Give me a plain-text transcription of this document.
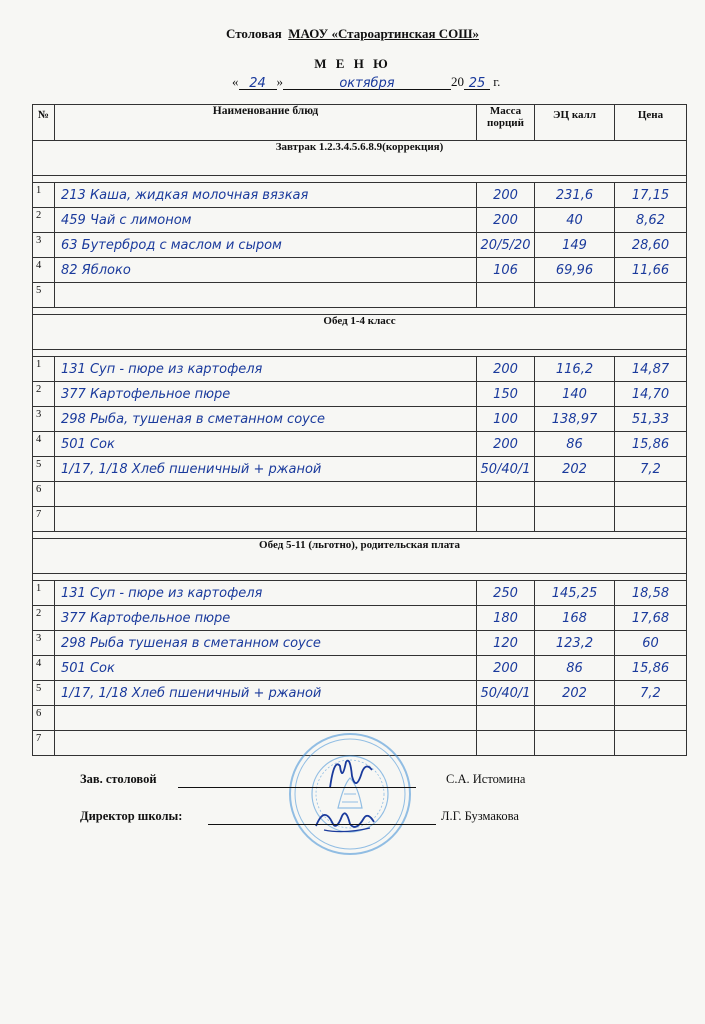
Столовая МАОУ «Староартинская СОШ»
М Е Н Ю
« 24 »	октября	20 25 г.
№	Наименование блюд	Масса порций	ЭЦ калл	Цена
Завтрак 1.2.3.4.5.6.8.9(коррекция)				

1	213 Каша, жидкая молочная вязкая	200	231,6	17,15
2	459 Чай с лимоном	200	40	8,62
3	63 Бутерброд с маслом и сыром	20/5/20	149	28,60
4	82 Яблоко	106	69,96	11,66
5				

Обед 1-4 класс				

1	131 Суп - пюре из картофеля	200	116,2	14,87
2	377 Картофельное пюре	150	140	14,70
3	298 Рыба, тушеная в сметанном соусе	100	138,97	51,33
4	501 Сок	200	86	15,86
5	1/17, 1/18 Хлеб пшеничный + ржаной	50/40/1	202	7,2
6				
7				

Обед 5-11 (льготно), родительская плата				

1	131 Суп - пюре из картофеля	250	145,25	18,58
2	377 Картофельное пюре	180	168	17,68
3	298 Рыба тушеная в сметанном соусе	120	123,2	60
4	501 Сок	200	86	15,86
5	1/17, 1/18 Хлеб пшеничный + ржаной	50/40/1	202	7,2
6				
7				
Зав. столовой	С.А. Истомина
Директор школы:	Л.Г. Бузмакова
